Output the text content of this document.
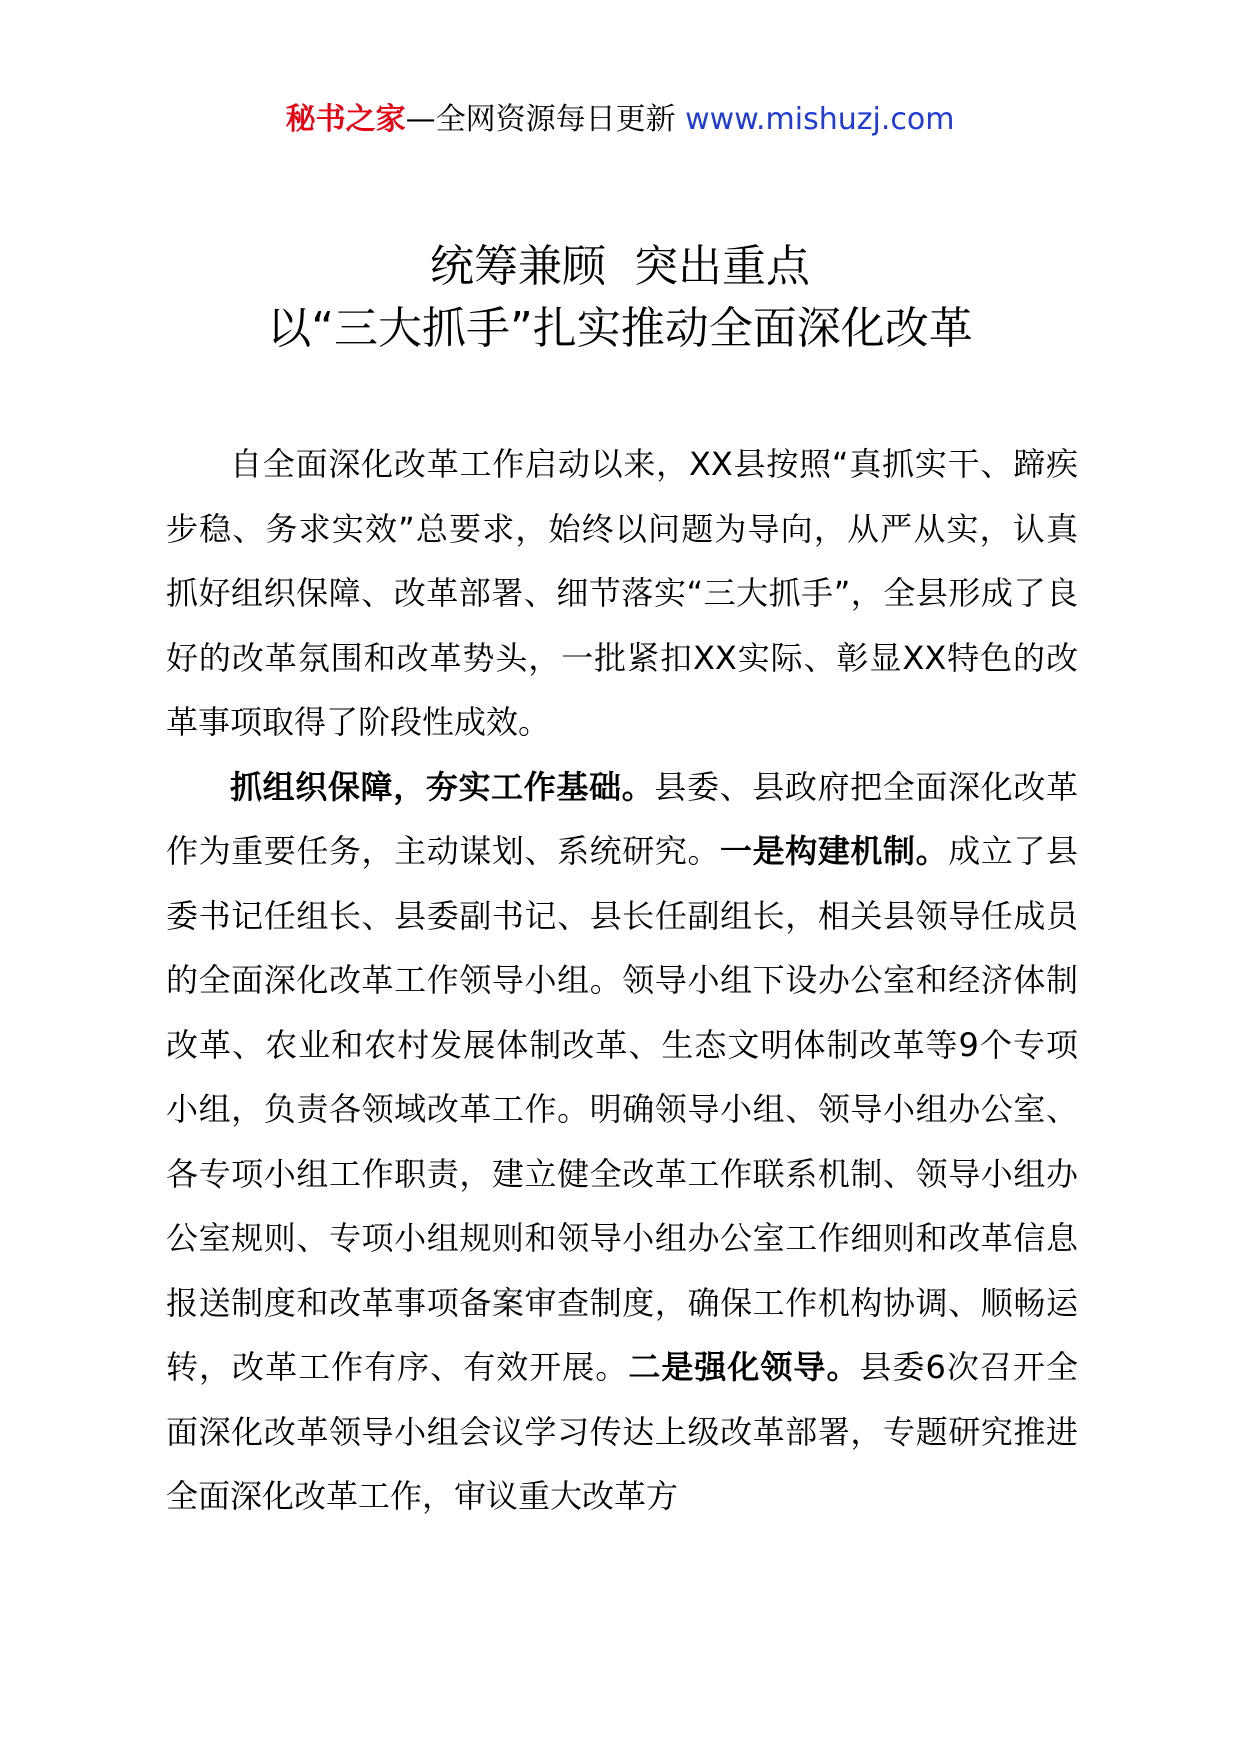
秘书之家—全网资源每日更新 www.mishuzj.com
统筹兼顾  突出重点
以“三大抓手”扎实推动全面深化改革

自全面深化改革工作启动以来，XX县按照“真抓实干、蹄疾步稳、务求实效”总要求，始终以问题为导向，从严从实，认真抓好组织保障、改革部署、细节落实“三大抓手”，全县形成了良好的改革氛围和改革势头，一批紧扣XX实际、彰显XX特色的改革事项取得了阶段性成效。

抓组织保障，夯实工作基础。县委、县政府把全面深化改革作为重要任务，主动谋划、系统研究。一是构建机制。成立了县委书记任组长、县委副书记、县长任副组长，相关县领导任成员的全面深化改革工作领导小组。领导小组下设办公室和经济体制改革、农业和农村发展体制改革、生态文明体制改革等9个专项小组，负责各领域改革工作。明确领导小组、领导小组办公室、各专项小组工作职责，建立健全改革工作联系机制、领导小组办公室规则、专项小组规则和领导小组办公室工作细则和改革信息报送制度和改革事项备案审查制度，确保工作机构协调、顺畅运转，改革工作有序、有效开展。二是强化领导。县委6次召开全面深化改革领导小组会议学习传达上级改革部署，专题研究推进全面深化改革工作，审议重大改革方
